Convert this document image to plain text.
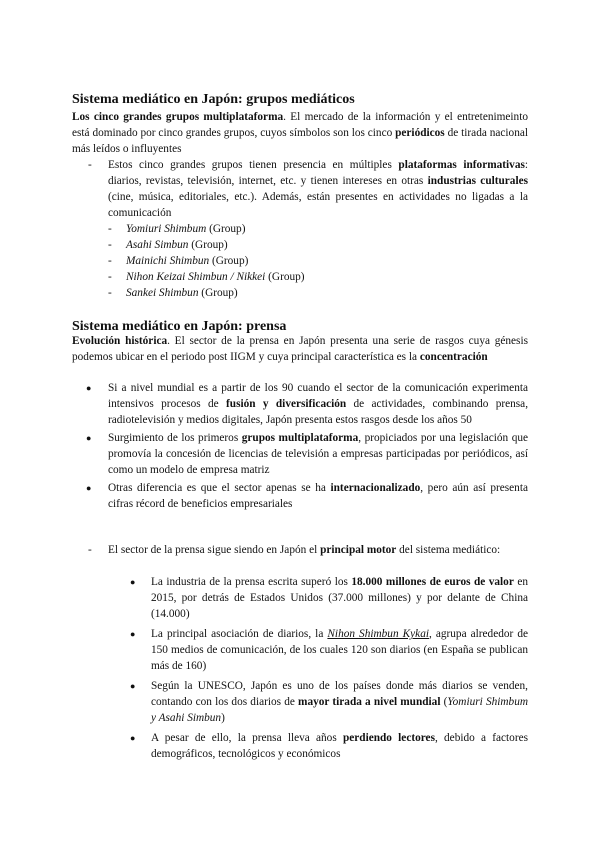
Sistema mediático en Japón: grupos mediáticos
Los cinco grandes grupos multiplataforma. El mercado de la información y el entretenimeinto está dominado por cinco grandes grupos, cuyos símbolos son los cinco periódicos de tirada nacional más leídos o influyentes
- Estos cinco grandes grupos tienen presencia en múltiples plataformas informativas: diarios, revistas, televisión, internet, etc. y tienen intereses en otras industrias culturales (cine, música, editoriales, etc.). Además, están presentes en actividades no ligadas a la comunicación
- Yomiuri Shimbum (Group)
- Asahi Simbun (Group)
- Mainichi Shimbun (Group)
- Nihon Keizai Shimbun / Nikkei (Group)
- Sankei Shimbun (Group)
Sistema mediático en Japón: prensa
Evolución histórica. El sector de la prensa en Japón presenta una serie de rasgos cuya génesis podemos ubicar en el periodo post IIGM y cuya principal característica es la concentración
● Si a nivel mundial es a partir de los 90 cuando el sector de la comunicación experimenta intensivos procesos de fusión y diversificación de actividades, combinando prensa, radiotelevisión y medios digitales, Japón presenta estos rasgos desde los años 50
● Surgimiento de los primeros grupos multiplataforma, propiciados por una legislación que promovía la concesión de licencias de televisión a empresas participadas por periódicos, así como un modelo de empresa matriz
● Otras diferencia es que el sector apenas se ha internacionalizado, pero aún así presenta cifras récord de beneficios empresariales
- El sector de la prensa sigue siendo en Japón el principal motor del sistema mediático:
● La industria de la prensa escrita superó los 18.000 millones de euros de valor en 2015, por detrás de Estados Unidos (37.000 millones) y por delante de China (14.000)
● La principal asociación de diarios, la Nihon Shimbun Kykai, agrupa alrededor de 150 medios de comunicación, de los cuales 120 son diarios (en España se publican más de 160)
● Según la UNESCO, Japón es uno de los países donde más diarios se venden, contando con los dos diarios de mayor tirada a nivel mundial (Yomiuri Shimbum y Asahi Simbun)
● A pesar de ello, la prensa lleva años perdiendo lectores, debido a factores demográficos, tecnológicos y económicos
